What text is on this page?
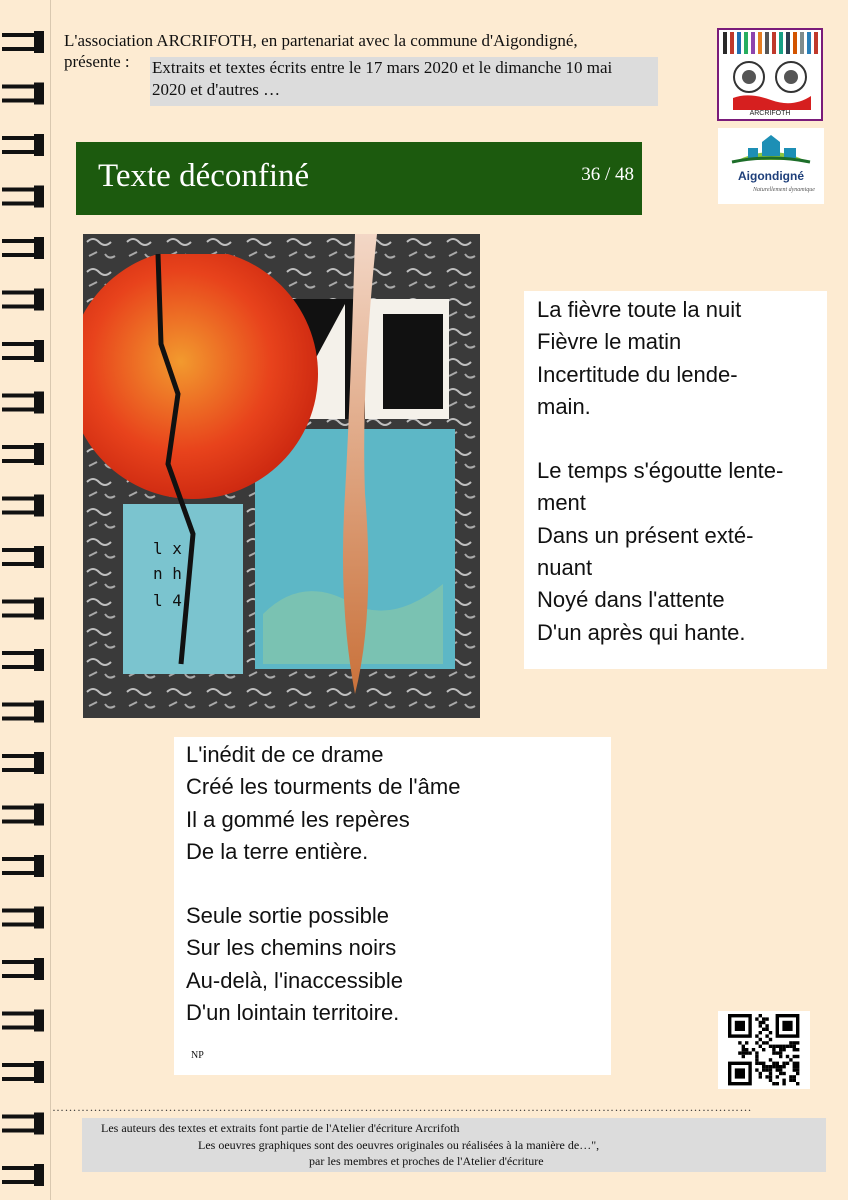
L'association ARCRIFOTH, en partenariat avec la commune d'Aigondigné,
présente : Extraits et textes écrits entre le 17 mars 2020 et le dimanche 10 mai
2020 et d'autres …
ARCRIFOTH
Aigondigné
Naturellement dynamique
Texte déconfiné	36 / 48
l x
n h
l 4
La fièvre toute la nuit
Fièvre le matin
Incertitude du lende-
main.
Le temps s'égoutte lente-
ment
Dans un présent exté-
nuant
Noyé dans l'attente
D'un après qui hante.
L'inédit de ce drame
Créé les tourments de l'âme
Il a gommé les repères
De la terre entière.
Seule sortie possible
Sur les chemins noirs
Au-delà, l'inaccessible
D'un lointain territoire.
NP
……………………………………………………………………………………………………………………………………………………
Les auteurs des textes et extraits font partie de l'Atelier d'écriture Arcrifoth
Les oeuvres graphiques sont des oeuvres originales ou réalisées à la manière de…",
par les membres et proches de l'Atelier d'écriture
